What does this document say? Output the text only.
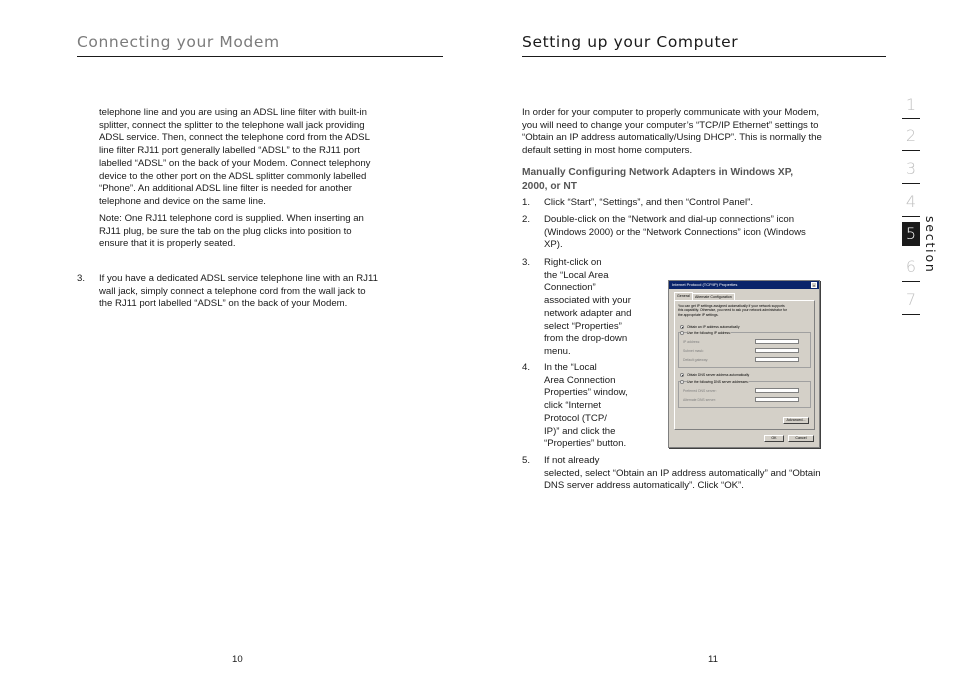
Connecting your Modem
telephone line and you are using an ADSL line filter with built-in
splitter, connect the splitter to the telephone wall jack providing
ADSL service. Then, connect the telephone cord from the ADSL
line filter RJ11 port generally labelled “ADSL” to the RJ11 port
labelled “ADSL” on the back of your Modem. Connect telephony
device to the other port on the ADSL splitter commonly labelled
“Phone”. An additional ADSL line filter is needed for another
telephone and device on the same line.
Note: One RJ11 telephone cord is supplied. When inserting an
RJ11 plug, be sure the tab on the plug clicks into position to
ensure that it is properly seated.
3. If you have a dedicated ADSL service telephone line with an RJ11
wall jack, simply connect a telephone cord from the wall jack to
the RJ11 port labelled “ADSL” on the back of your Modem.
10
Setting up your Computer
In order for your computer to properly communicate with your Modem,
you will need to change your computer’s “TCP/IP Ethernet” settings to
“Obtain an IP address automatically/Using DHCP”. This is normally the
default setting in most home computers.
Manually Configuring Network Adapters in Windows XP,
2000, or NT
1. Click “Start”, “Settings”, and then “Control Panel”.
2. Double-click on the “Network and dial-up connections” icon
(Windows 2000) or the “Network Connections” icon (Windows
XP).
3. Right-click on
the “Local Area
Connection”
associated with your
network adapter and
select “Properties”
from the drop-down
menu.
4. In the “Local
Area Connection
Properties” window,
click “Internet
Protocol (TCP/
IP)” and click the
“Properties” button.
5. If not already
selected, select “Obtain an IP address automatically” and “Obtain
DNS server address automatically”. Click “OK”.
11
Internet Protocol (TCP/IP) Properties	×
General	Alternate Configuration
You can get IP settings assigned automatically if your network supports
this capability. Otherwise, you need to ask your network administrator for
the appropriate IP settings.
Obtain an IP address automatically
Use the following IP address:
IP address:
Subnet mask:
Default gateway:
Obtain DNS server address automatically
Use the following DNS server addresses:
Preferred DNS server:
Alternate DNS server:
Advanced...
OK	Cancel
1
2
3
4
5
6
7
section
